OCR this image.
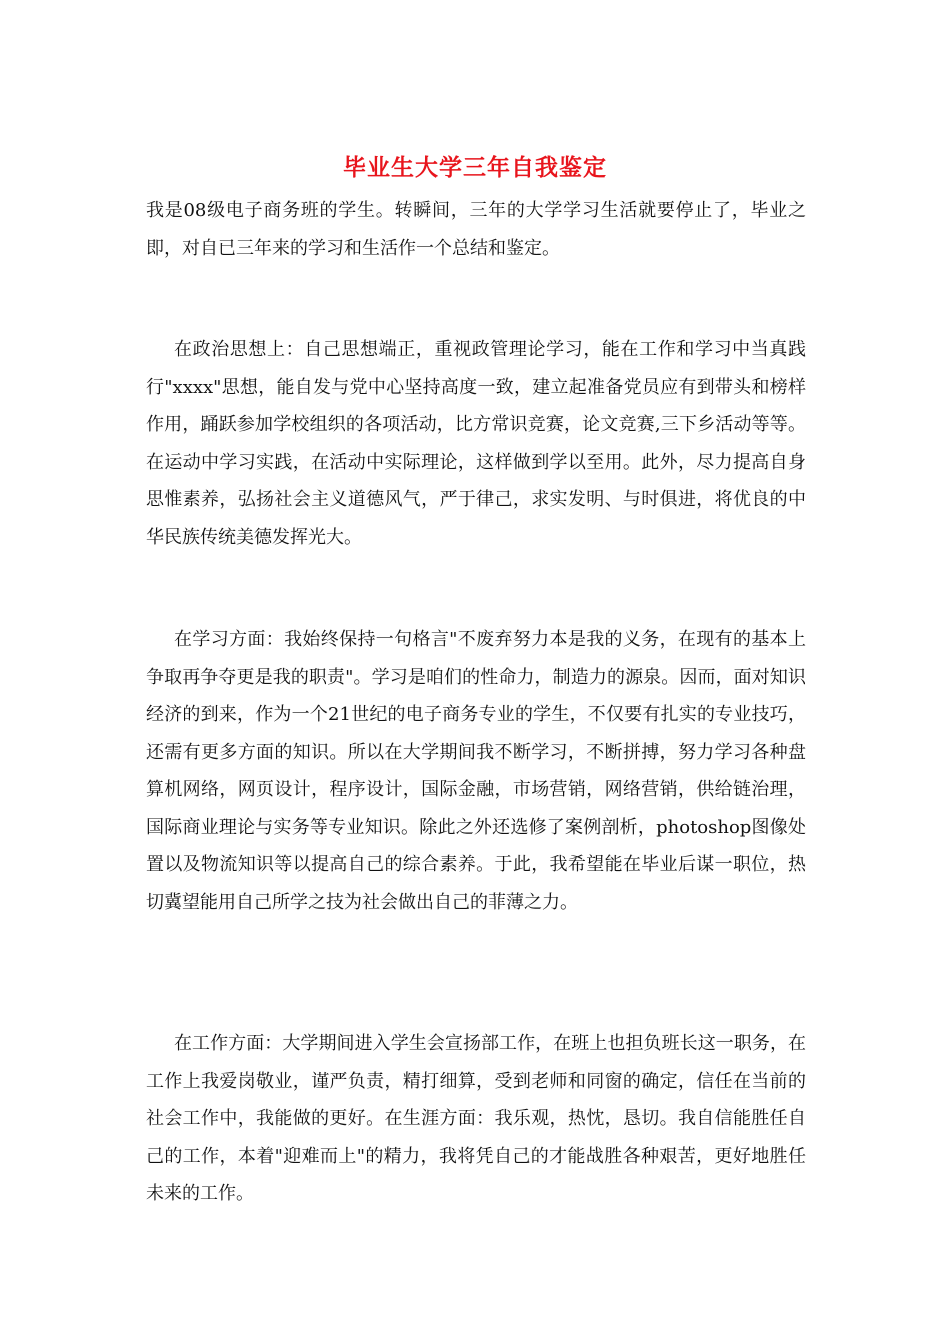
毕业生大学三年自我鉴定

我是08级电子商务班的学生。转瞬间，三年的大学学习生活就要停止了，毕业之即，对自已三年来的学习和生活作一个总结和鉴定。

在政治思想上：自己思想端正，重视政管理论学习，能在工作和学习中当真践行"xxxx"思想，能自发与党中心坚持高度一致，建立起准备党员应有到带头和榜样作用，踊跃参加学校组织的各项活动，比方常识竞赛，论文竞赛,三下乡活动等等。在运动中学习实践，在活动中实际理论，这样做到学以至用。此外，尽力提高自身思惟素养，弘扬社会主义道德风气，严于律己，求实发明、与时俱进，将优良的中华民族传统美德发挥光大。

在学习方面：我始终保持一句格言"不废弃努力本是我的义务，在现有的基本上争取再争夺更是我的职责"。学习是咱们的性命力，制造力的源泉。因而，面对知识经济的到来，作为一个21世纪的电子商务专业的学生，不仅要有扎实的专业技巧，还需有更多方面的知识。所以在大学期间我不断学习，不断拼搏，努力学习各种盘算机网络，网页设计，程序设计，国际金融，市场营销，网络营销，供给链治理，国际商业理论与实务等专业知识。除此之外还选修了案例剖析，photoshop图像处置以及物流知识等以提高自己的综合素养。于此，我希望能在毕业后谋一职位，热切冀望能用自己所学之技为社会做出自己的菲薄之力。

在工作方面：大学期间进入学生会宣扬部工作，在班上也担负班长这一职务，在工作上我爱岗敬业，谨严负责，精打细算，受到老师和同窗的确定，信任在当前的社会工作中，我能做的更好。在生涯方面：我乐观，热忱，恳切。我自信能胜任自己的工作，本着"迎难而上"的精力，我将凭自己的才能战胜各种艰苦，更好地胜任未来的工作。
